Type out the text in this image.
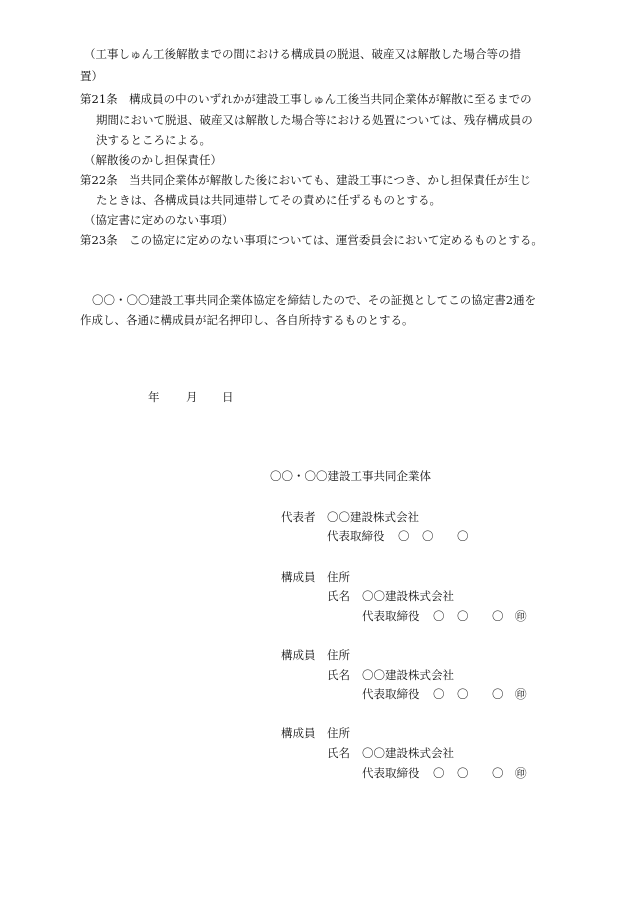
（工事しゅん工後解散までの間における構成員の脱退、破産又は解散した場合等の措
置）
第21条　構成員の中のいずれかが建設工事しゅん工後当共同企業体が解散に至るまでの
期間において脱退、破産又は解散した場合等における処置については、残存構成員の
決するところによる。
（解散後のかし担保責任）
第22条　当共同企業体が解散した後においても、建設工事につき、かし担保責任が生じ
たときは、各構成員は共同連帯してその責めに任ずるものとする。
（協定書に定めのない事項）
第23条　この協定に定めのない事項については、運営委員会において定めるものとする。
〇〇・〇〇建設工事共同企業体協定を締結したので、その証拠としてこの協定書2通を
作成し、各通に構成員が記名押印し、各自所持するものとする。
年 月 日
〇〇・〇〇建設工事共同企業体
代表者 〇〇建設株式会社
代表取締役 〇 〇 〇
構成員 住所
氏名 〇〇建設株式会社
代表取締役 〇 〇 〇 ㊞
構成員 住所
氏名 〇〇建設株式会社
代表取締役 〇 〇 〇 ㊞
構成員 住所
氏名 〇〇建設株式会社
代表取締役 〇 〇 〇 ㊞
